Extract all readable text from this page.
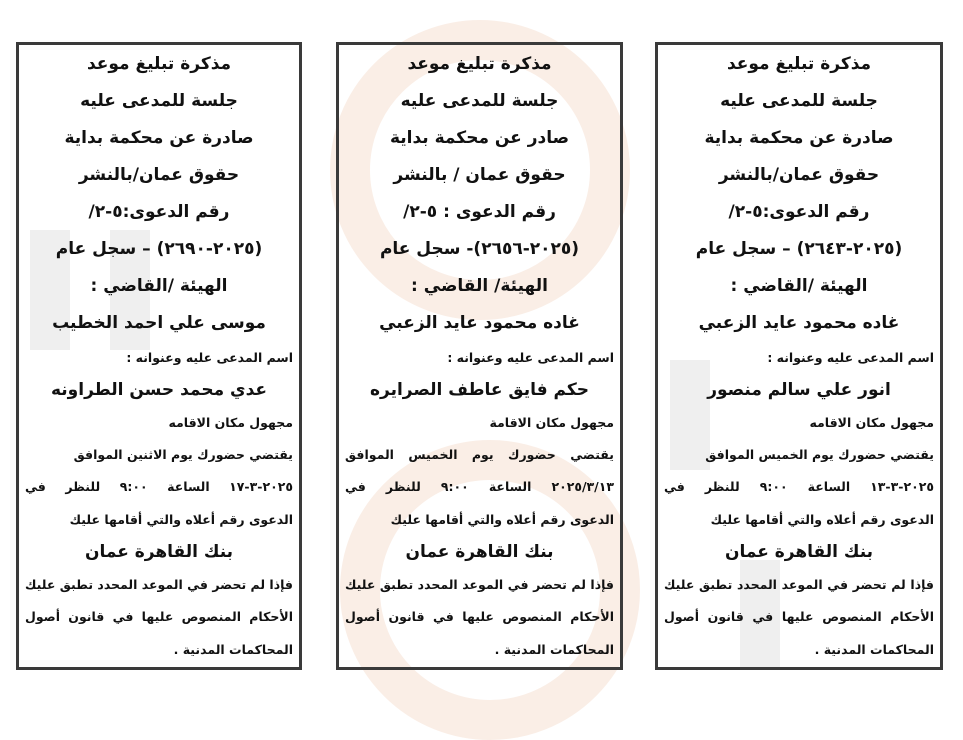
مذكرة تبليغ موعد
جلسة للمدعى عليه
صادرة عن محكمة بداية
حقوق عمان/بالنشر
رقم الدعوى:٥-٢/
(٢٠٢٥-٢٦٤٣) – سجل عام
الهيئة /القاضي :
غاده محمود عايد الزعبي
اسم المدعى عليه وعنوانه :
انور علي سالم منصور
مجهول مكان الاقامه
يقتضي حضورك يوم الخميس الموافق
٢٠٢٥-٣-١٣ الساعة ٩:٠٠ للنظر في
الدعوى رقم أعلاه والتي أقامها عليك
بنك القاهرة عمان
فإذا لم تحضر في الموعد المحدد تطبق عليك
الأحكام المنصوص عليها في قانون أصول
المحاكمات المدنية .
مذكرة تبليغ موعد
جلسة للمدعى عليه
صادر عن محكمة بداية
حقوق عمان / بالنشر
رقم الدعوى : ٥-٢/
(٢٠٢٥-٢٦٥٦)- سجل عام
الهيئة/ القاضي :
غاده محمود عايد الزعبي
اسم المدعى عليه وعنوانه :
حكم فايق عاطف الصرايره
مجهول مكان الاقامة
يقتضي حضورك يوم الخميس الموافق
٢٠٢٥/٣/١٣ الساعة ٩:٠٠ للنظر في
الدعوى رقم أعلاه والتي أقامها عليك
بنك القاهرة عمان
فإذا لم تحضر في الموعد المحدد تطبق عليك
الأحكام المنصوص عليها في قانون أصول
المحاكمات المدنية .
مذكرة تبليغ موعد
جلسة للمدعى عليه
صادرة عن محكمة بداية
حقوق عمان/بالنشر
رقم الدعوى:٥-٢/
(٢٠٢٥-٢٦٩٠) – سجل عام
الهيئة /القاضي :
موسى علي احمد الخطيب
اسم المدعى عليه وعنوانه :
عدي محمد حسن الطراونه
مجهول مكان الاقامه
يقتضي حضورك يوم الاثنين الموافق
٢٠٢٥-٣-١٧ الساعة ٩:٠٠ للنظر في
الدعوى رقم أعلاه والتي أقامها عليك
بنك القاهرة عمان
فإذا لم تحضر في الموعد المحدد تطبق عليك
الأحكام المنصوص عليها في قانون أصول
المحاكمات المدنية .
